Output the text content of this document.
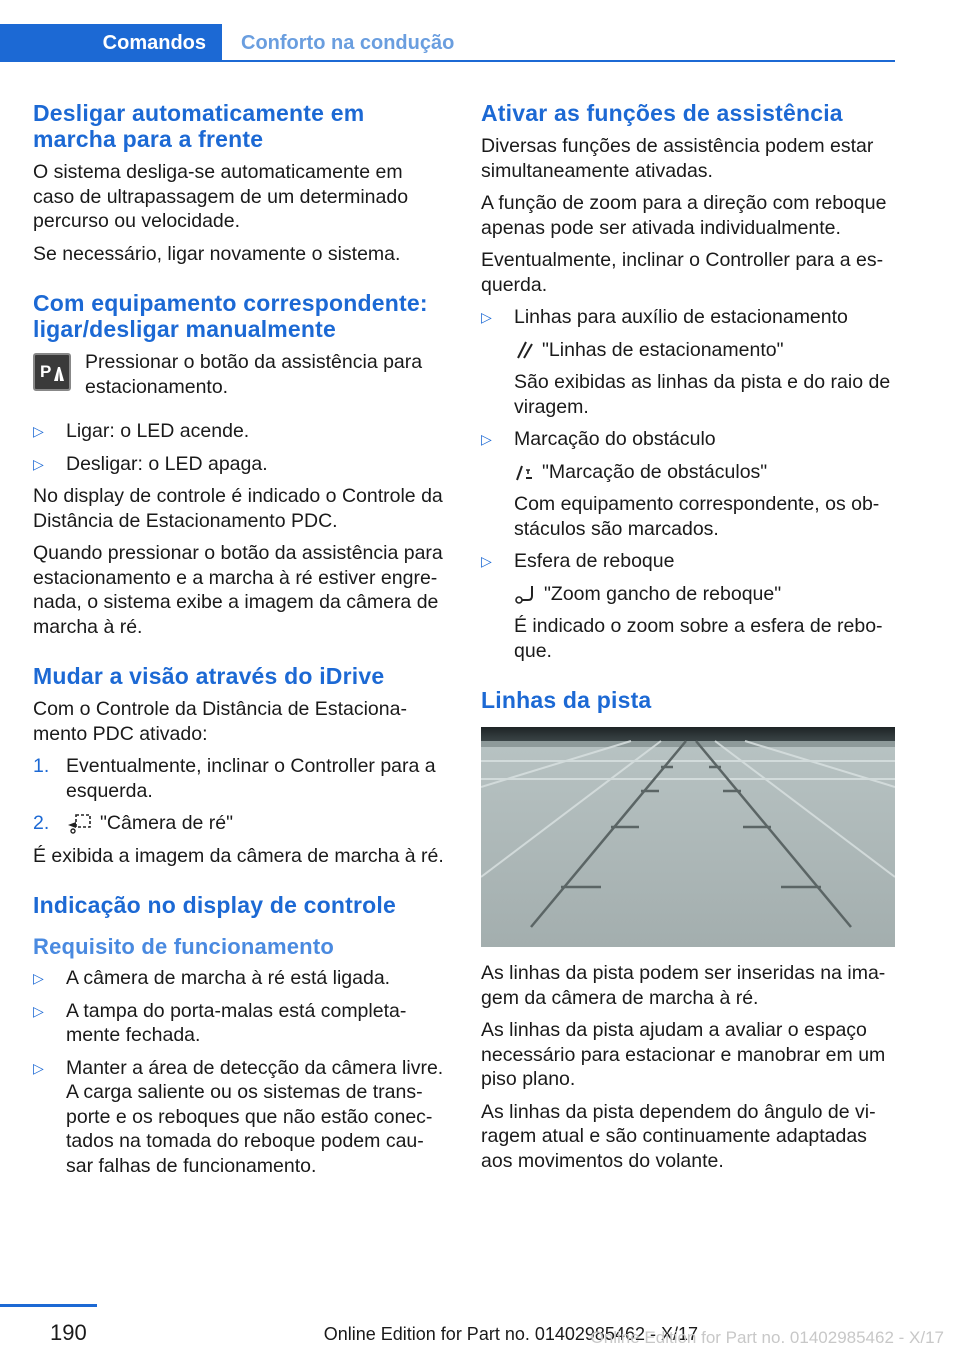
Comandos	Conforto na condução
Desligar automaticamente em marcha para a frente

O sistema desliga-se automaticamente em caso de ultrapassagem de um determinado percurso ou velocidade.

Se necessário, ligar novamente o sistema.

Com equipamento correspondente: ligar/desligar manualmente
P Pressionar o botão da assistência para estacionamento.
▷	Ligar: o LED acende.
▷	Desligar: o LED apaga.

No display de controle é indicado o Controle da Distância de Estacionamento PDC.

Quando pressionar o botão da assistência para estacionamento e a marcha à ré estiver engre‐nada, o sistema exibe a imagem da câmera de marcha à ré.

Mudar a visão através do iDrive

Com o Controle da Distância de Estaciona‐mento PDC ativado:

1. Eventualmente, inclinar o Controller para a esquerda.
2.	"Câmera de ré"

É exibida a imagem da câmera de marcha à ré.

Indicação no display de controle
Requisito de funcionamento
▷	A câmera de marcha à ré está ligada.
▷	A tampa do porta-malas está completa‐mente fechada.
▷	Manter a área de detecção da câmera livre. A carga saliente ou os sistemas de trans‐porte e os reboques que não estão conec‐tados na tomada do reboque podem cau‐sar falhas de funcionamento.
Ativar as funções de assistência

Diversas funções de assistência podem estar simultaneamente ativadas.

A função de zoom para a direção com reboque apenas pode ser ativada individualmente.

Eventualmente, inclinar o Controller para a es‐querda.

▷	Linhas para auxílio de estacionamento
"Linhas de estacionamento"

São exibidas as linhas da pista e do raio de viragem.

▷	Marcação do obstáculo
"Marcação de obstáculos"

Com equipamento correspondente, os ob‐stáculos são marcados.

▷	Esfera de reboque
"Zoom gancho de reboque"

É indicado o zoom sobre a esfera de rebo‐que.

Linhas da pista

As linhas da pista podem ser inseridas na ima‐gem da câmera de marcha à ré.

As linhas da pista ajudam a avaliar o espaço necessário para estacionar e manobrar em um piso plano.

As linhas da pista dependem do ângulo de vi‐ragem atual e são continuamente adaptadas aos movimentos do volante.

190	Online Edition for Part no. 01402985462 - X/17
Online Edition for Part no. 01402985462 - X/17
